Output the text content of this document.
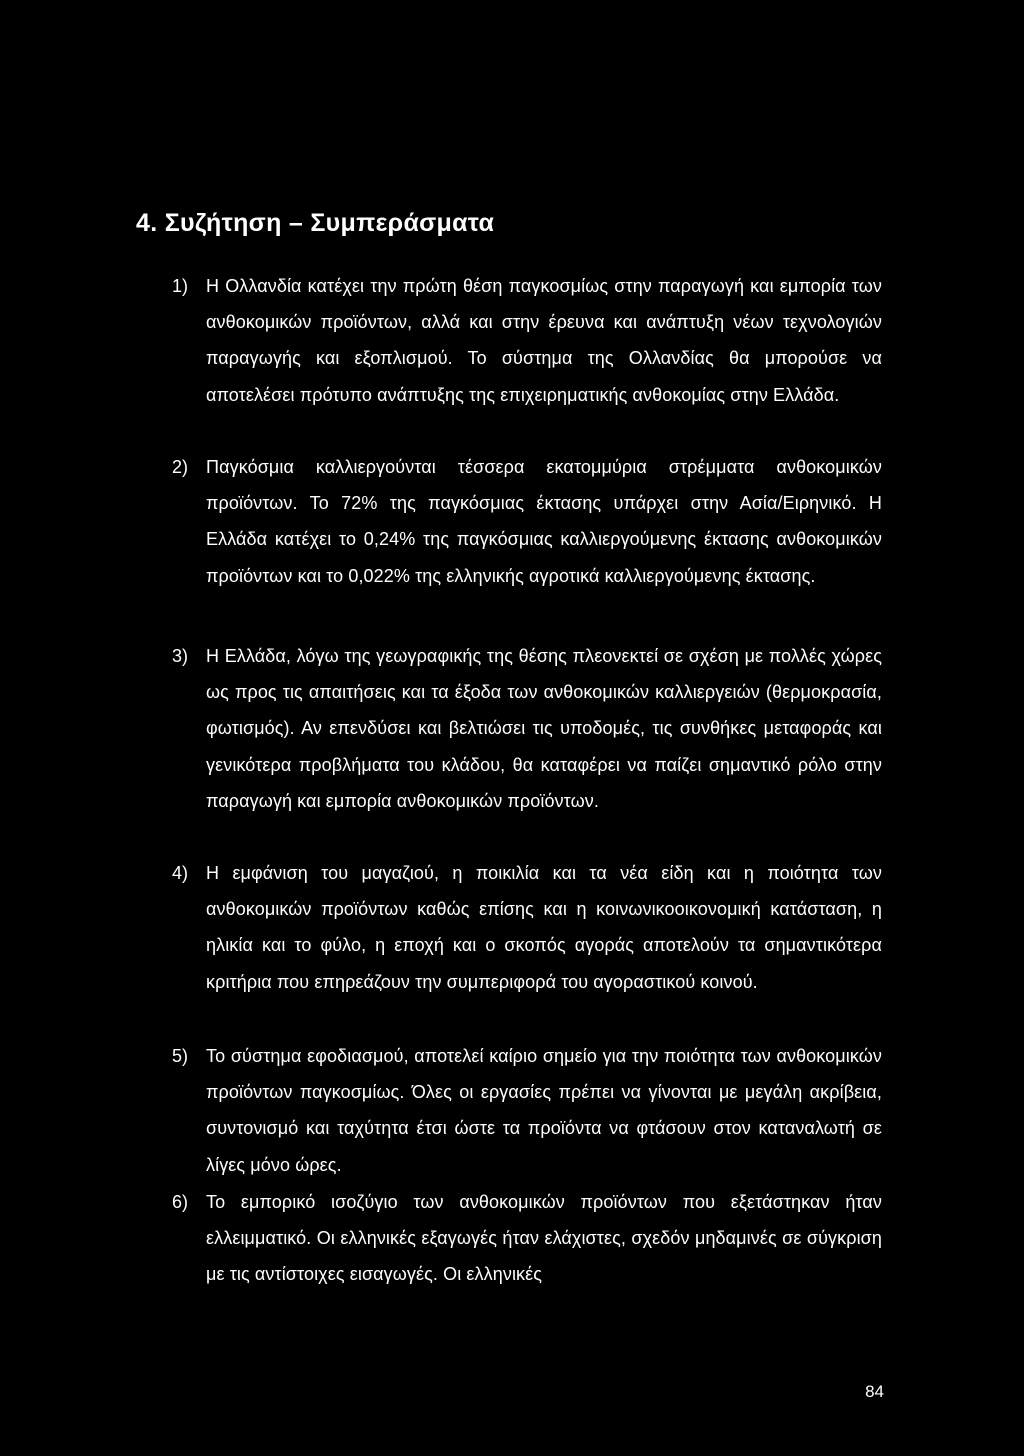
4. Συζήτηση – Συμπεράσματα
1) Η Ολλανδία κατέχει την πρώτη θέση παγκοσμίως στην παραγωγή και εμπορία των ανθοκομικών προϊόντων, αλλά και στην έρευνα και ανάπτυξη νέων τεχνολογιών παραγωγής και εξοπλισμού. Το σύστημα της Ολλανδίας θα μπορούσε να αποτελέσει πρότυπο ανάπτυξης της επιχειρηματικής ανθοκομίας στην Ελλάδα.
2) Παγκόσμια καλλιεργούνται τέσσερα εκατομμύρια στρέμματα ανθοκομικών προϊόντων. Το 72% της παγκόσμιας έκτασης υπάρχει στην Ασία/Ειρηνικό. Η Ελλάδα κατέχει το 0,24% της παγκόσμιας καλλιεργούμενης έκτασης ανθοκομικών προϊόντων και το 0,022% της ελληνικής αγροτικά καλλιεργούμενης έκτασης.
3) Η Ελλάδα, λόγω της γεωγραφικής της θέσης πλεονεκτεί σε σχέση με πολλές χώρες ως προς τις απαιτήσεις και τα έξοδα των ανθοκομικών καλλιεργειών (θερμοκρασία, φωτισμός). Αν επενδύσει και βελτιώσει τις υποδομές, τις συνθήκες μεταφοράς και γενικότερα προβλήματα του κλάδου, θα καταφέρει να παίζει σημαντικό ρόλο στην παραγωγή και εμπορία ανθοκομικών προϊόντων.
4) Η εμφάνιση του μαγαζιού, η ποικιλία και τα νέα είδη και η ποιότητα των ανθοκομικών προϊόντων καθώς επίσης και η κοινωνικοοικονομική κατάσταση, η ηλικία και το φύλο, η εποχή και ο σκοπός αγοράς αποτελούν τα σημαντικότερα κριτήρια που επηρεάζουν την συμπεριφορά του αγοραστικού κοινού.
5) Το σύστημα εφοδιασμού, αποτελεί καίριο σημείο για την ποιότητα των ανθοκομικών προϊόντων παγκοσμίως. Όλες οι εργασίες πρέπει να γίνονται με μεγάλη ακρίβεια, συντονισμό και ταχύτητα έτσι ώστε τα προϊόντα να φτάσουν στον καταναλωτή σε λίγες μόνο ώρες.
6) Το εμπορικό ισοζύγιο των ανθοκομικών προϊόντων που εξετάστηκαν ήταν ελλειμματικό. Οι ελληνικές εξαγωγές ήταν ελάχιστες, σχεδόν μηδαμινές σε σύγκριση με τις αντίστοιχες εισαγωγές. Οι ελληνικές
84
